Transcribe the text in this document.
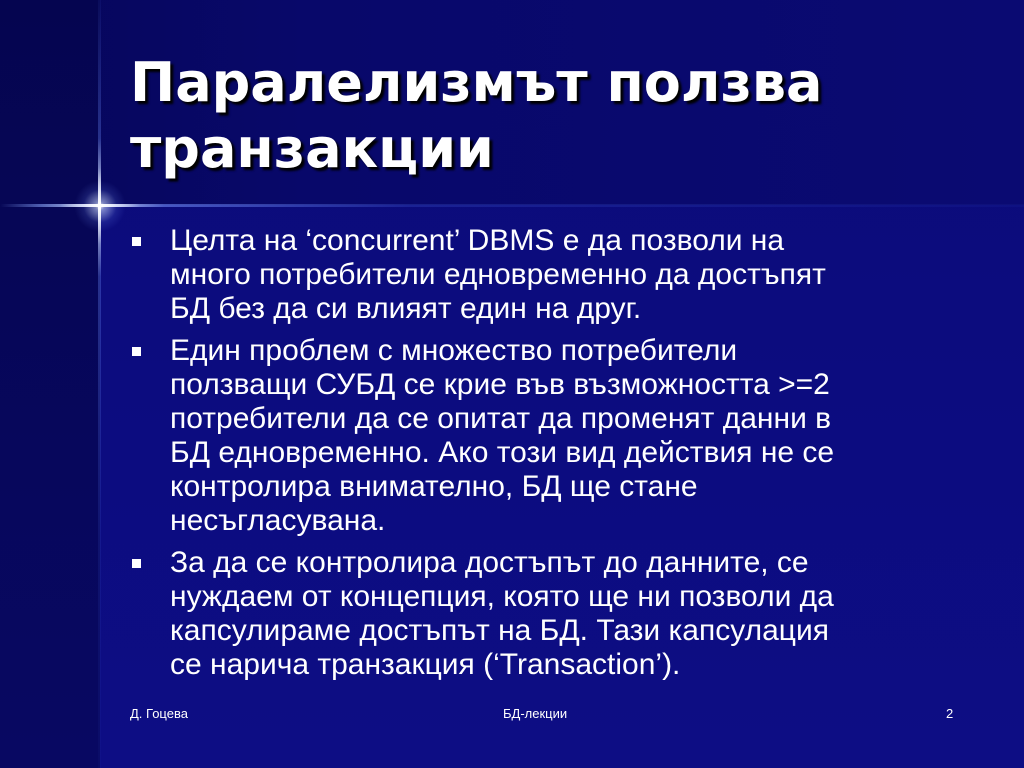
Паралелизмът ползва
транзакции
Целта на ‘concurrent’ DBMS е да позволи на
много потребители едновременно да достъпят
БД без да си влияят един на друг.
Един проблем с множество потребители
ползващи СУБД се крие във възможността >=2
потребители да се опитат да променят данни в
БД едновременно. Ако този вид действия не се
контролира внимателно, БД ще стане
несъгласувана.
За да се контролира достъпът до данните, се
нуждаем от концепция, която ще ни позволи да
капсулираме достъпът на БД. Тази капсулация
се нарича транзакция (‘Transaction’).
Д. Гоцева	БД-лекции	2
